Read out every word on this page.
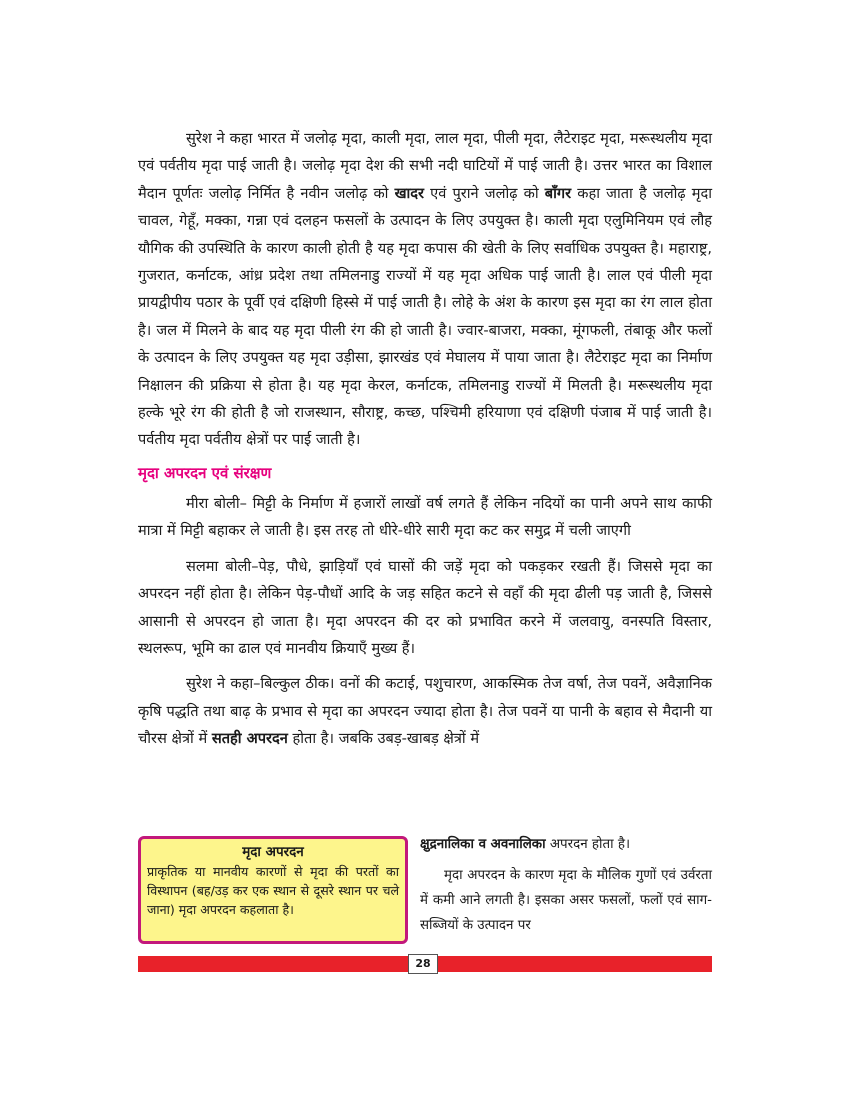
सुरेश ने कहा भारत में जलोढ़ मृदा, काली मृदा, लाल मृदा, पीली मृदा, लैटेराइट मृदा, मरूस्थलीय मृदा एवं पर्वतीय मृदा पाई जाती है। जलोढ़ मृदा देश की सभी नदी घाटियों में पाई जाती है। उत्तर भारत का विशाल मैदान पूर्णतः जलोढ़ निर्मित है नवीन जलोढ़ को खादर एवं पुराने जलोढ़ को बाँगर कहा जाता है जलोढ़ मृदा चावल, गेहूँ, मक्का, गन्ना एवं दलहन फसलों के उत्पादन के लिए उपयुक्त है। काली मृदा एलुमिनियम एवं लौह यौगिक की उपस्थिति के कारण काली होती है यह मृदा कपास की खेती के लिए सर्वाधिक उपयुक्त है। महाराष्ट्र, गुजरात, कर्नाटक, आंध्र प्रदेश तथा तमिलनाडु राज्यों में यह मृदा अधिक पाई जाती है। लाल एवं पीली मृदा प्रायद्वीपीय पठार के पूर्वी एवं दक्षिणी हिस्से में पाई जाती है। लोहे के अंश के कारण इस मृदा का रंग लाल होता है। जल में मिलने के बाद यह मृदा पीली रंग की हो जाती है। ज्वार-बाजरा, मक्का, मूंगफली, तंबाकू और फलों के उत्पादन के लिए उपयुक्त यह मृदा उड़ीसा, झारखंड एवं मेघालय में पाया जाता है। लैटेराइट मृदा का निर्माण निक्षालन की प्रक्रिया से होता है। यह मृदा केरल, कर्नाटक, तमिलनाडु राज्यों में मिलती है। मरूस्थलीय मृदा हल्के भूरे रंग की होती है जो राजस्थान, सौराष्ट्र, कच्छ, पश्चिमी हरियाणा एवं दक्षिणी पंजाब में पाई जाती है। पर्वतीय मृदा पर्वतीय क्षेत्रों पर पाई जाती है।

मृदा अपरदन एवं संरक्षण

मीरा बोली– मिट्टी के निर्माण में हजारों लाखों वर्ष लगते हैं लेकिन नदियों का पानी अपने साथ काफी मात्रा में मिट्टी बहाकर ले जाती है। इस तरह तो धीरे-धीरे सारी मृदा कट कर समुद्र में चली जाएगी

सलमा बोली–पेड़, पौधे, झाड़ियाँ एवं घासों की जड़ें मृदा को पकड़कर रखती हैं। जिससे मृदा का अपरदन नहीं होता है। लेकिन पेड़-पौधों आदि के जड़ सहित कटने से वहाँ की मृदा ढीली पड़ जाती है, जिससे आसानी से अपरदन हो जाता है। मृदा अपरदन की दर को प्रभावित करने में जलवायु, वनस्पति विस्तार, स्थलरूप, भूमि का ढाल एवं मानवीय क्रियाएँ मुख्य हैं।

सुरेश ने कहा–बिल्कुल ठीक। वनों की कटाई, पशुचारण, आकस्मिक तेज वर्षा, तेज पवनें, अवैज्ञानिक कृषि पद्धति तथा बाढ़ के प्रभाव से मृदा का अपरदन ज्यादा होता है। तेज पवनें या पानी के बहाव से मैदानी या चौरस क्षेत्रों में सतही अपरदन होता है। जबकि उबड़-खाबड़ क्षेत्रों में

मृदा अपरदन
प्राकृतिक या मानवीय कारणों से मृदा की परतों का विस्थापन (बह/उड़ कर एक स्थान से दूसरे स्थान पर चले जाना) मृदा अपरदन कहलाता है।

क्षुद्रनालिका व अवनालिका अपरदन होता है।

मृदा अपरदन के कारण मृदा के मौलिक गुणों एवं उर्वरता में कमी आने लगती है। इसका असर फसलों, फलों एवं साग-सब्जियों के उत्पादन पर

28
